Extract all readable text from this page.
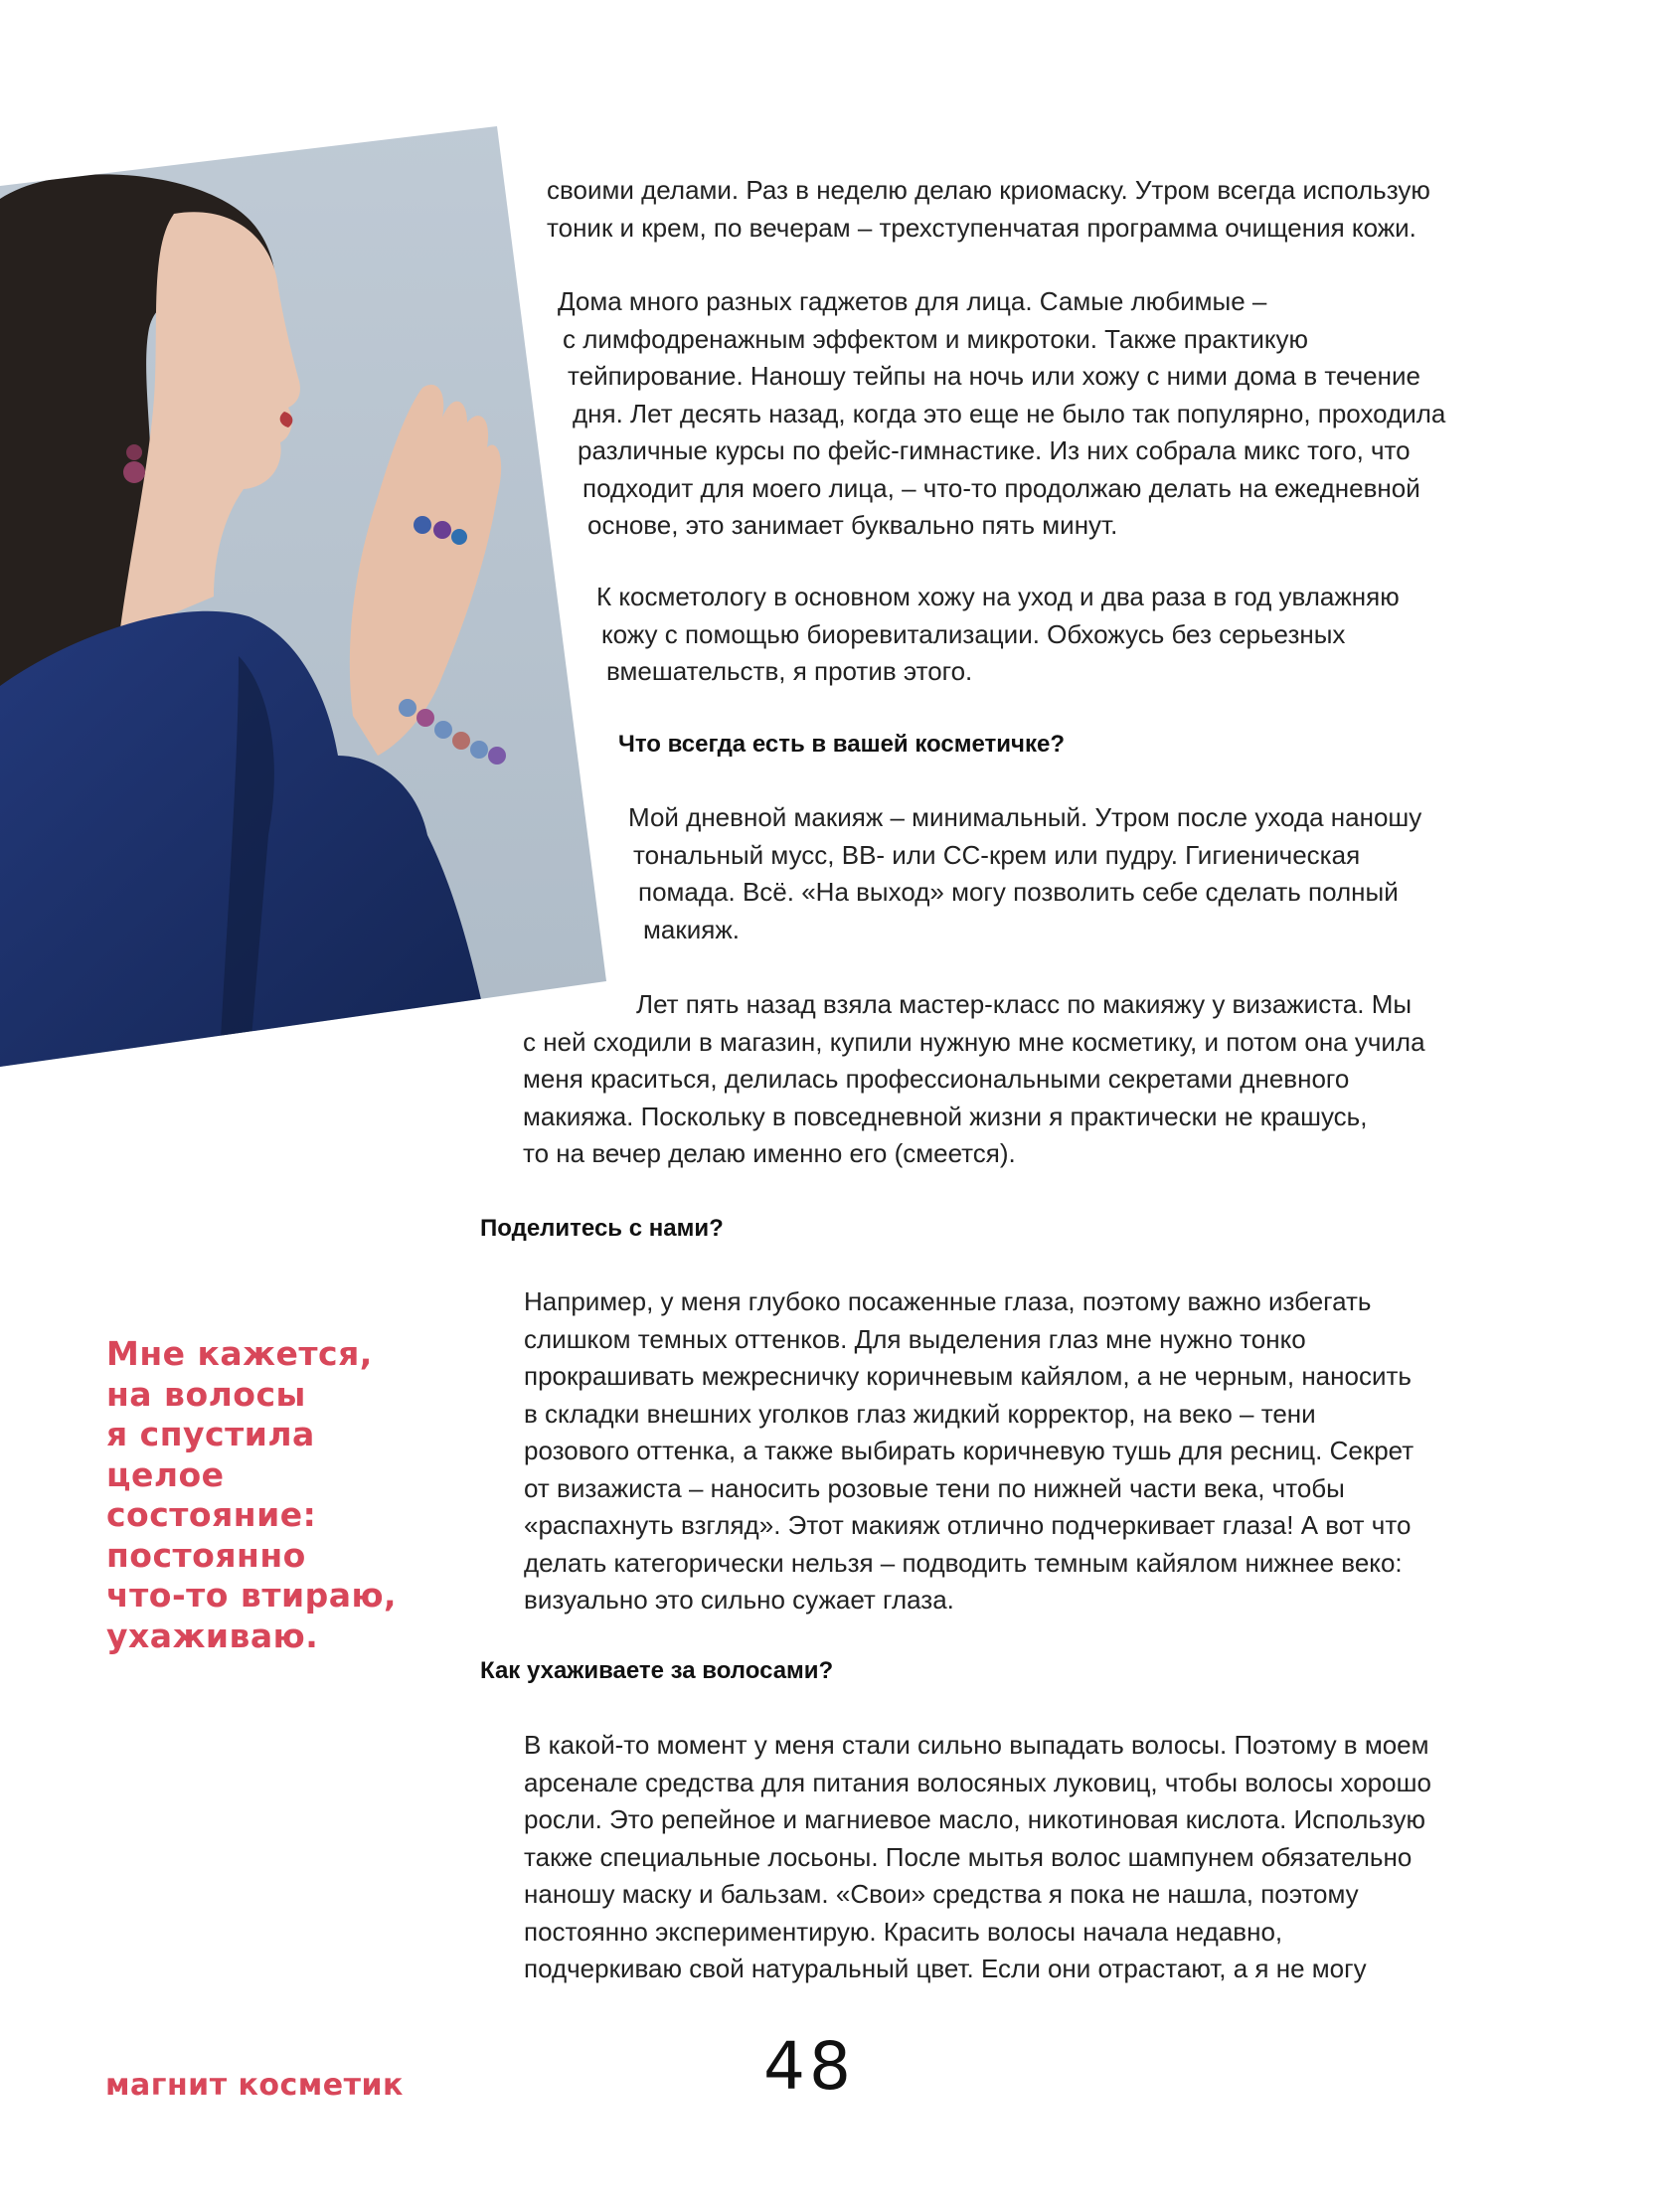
своими делами. Раз в неделю делаю криомаску. Утром всегда использую
тоник и крем, по вечерам – трехступенчатая программа очищения кожи.

Дома много разных гаджетов для лица. Самые любимые –
с лимфодренажным эффектом и микротоки. Также практикую
тейпирование. Наношу тейпы на ночь или хожу с ними дома в течение
дня. Лет десять назад, когда это еще не было так популярно, проходила
различные курсы по фейс-гимнастике. Из них собрала микс того, что
подходит для моего лица, – что-то продолжаю делать на ежедневной
основе, это занимает буквально пять минут.

К косметологу в основном хожу на уход и два раза в год увлажняю
кожу с помощью биоревитализации. Обхожусь без серьезных
вмешательств, я против этого.

Что всегда есть в вашей косметичке?

Мой дневной макияж – минимальный. Утром после ухода наношу
тональный мусс, ВВ- или СС-крем или пудру. Гигиеническая
помада. Всё. «На выход» могу позволить себе сделать полный
макияж.

Лет пять назад взяла мастер-класс по макияжу у визажиста. Мы
с ней сходили в магазин, купили нужную мне косметику, и потом она учила
меня краситься, делилась профессиональными секретами дневного
макияжа. Поскольку в повседневной жизни я практически не крашусь,
то на вечер делаю именно его (смеется).

Поделитесь с нами?

Например, у меня глубоко посаженные глаза, поэтому важно избегать
слишком темных оттенков. Для выделения глаз мне нужно тонко
прокрашивать межресничку коричневым кайялом, а не черным, наносить
в складки внешних уголков глаз жидкий корректор, на веко – тени
розового оттенка, а также выбирать коричневую тушь для ресниц. Секрет
от визажиста – наносить розовые тени по нижней части века, чтобы
«распахнуть взгляд». Этот макияж отлично подчеркивает глаза! А вот что
делать категорически нельзя – подводить темным кайялом нижнее веко:
визуально это сильно сужает глаза.

Как ухаживаете за волосами?

В какой-то момент у меня стали сильно выпадать волосы. Поэтому в моем
арсенале средства для питания волосяных луковиц, чтобы волосы хорошо
росли. Это репейное и магниевое масло, никотиновая кислота. Использую
также специальные лосьоны. После мытья волос шампунем обязательно
наношу маску и бальзам. «Свои» средства я пока не нашла, поэтому
постоянно экспериментирую. Красить волосы начала недавно,
подчеркиваю свой натуральный цвет. Если они отрастают, а я не могу

Мне кажется,
на волосы
я спустила
целое
состояние:
постоянно
что-то втираю,
ухаживаю.

магнит косметик	48
